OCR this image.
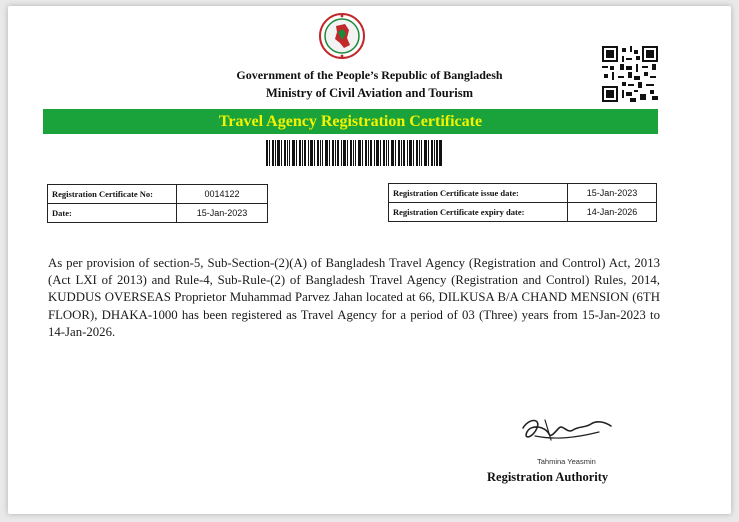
Government of the People’s Republic of Bangladesh
Ministry of Civil Aviation and Tourism
Travel Agency Registration Certificate
Registration Certificate No:	0014122
Date:	15-Jan-2023
Registration Certificate issue date:	15-Jan-2023
Registration Certificate expiry date:	14-Jan-2026
As per provision of section-5, Sub-Section-(2)(A) of Bangladesh Travel Agency (Registration and Control) Act, 2013 (Act LXI of 2013) and Rule-4, Sub-Rule-(2) of Bangladesh Travel Agency (Registration and Control) Rules, 2014, KUDDUS OVERSEAS Proprietor Muhammad Parvez Jahan located at 66, DILKUSA B/A CHAND MENSION (6TH FLOOR), DHAKA-1000 has been registered as Travel Agency for a period of 03 (Three) years from 15-Jan-2023 to 14-Jan-2026.
Tahmina Yeasmin
Registration Authority
